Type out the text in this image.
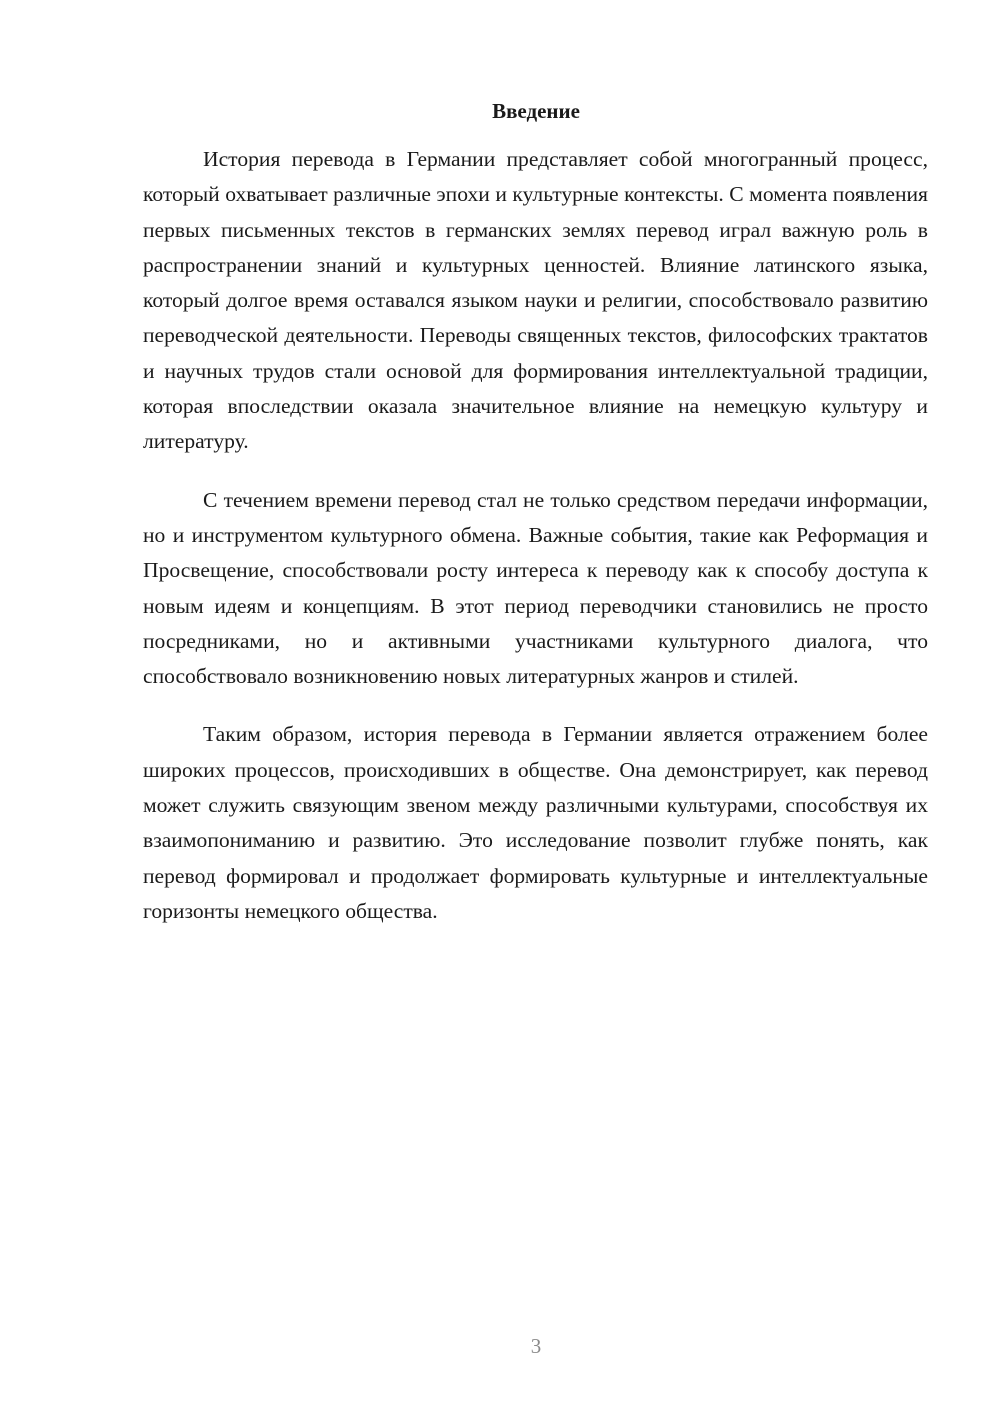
Введение

История перевода в Германии представляет собой многогранный процесс, который охватывает различные эпохи и культурные контексты. С момента появления первых письменных текстов в германских землях перевод играл важную роль в распространении знаний и культурных ценностей. Влияние латинского языка, который долгое время оставался языком науки и религии, способствовало развитию переводческой деятельности. Переводы священных текстов, философских трактатов и научных трудов стали основой для формирования интеллектуальной традиции, которая впоследствии оказала значительное влияние на немецкую культуру и литературу.

С течением времени перевод стал не только средством передачи информации, но и инструментом культурного обмена. Важные события, такие как Реформация и Просвещение, способствовали росту интереса к переводу как к способу доступа к новым идеям и концепциям. В этот период переводчики становились не просто посредниками, но и активными участниками культурного диалога, что способствовало возникновению новых литературных жанров и стилей.

Таким образом, история перевода в Германии является отражением более широких процессов, происходивших в обществе. Она демонстрирует, как перевод может служить связующим звеном между различными культурами, способствуя их взаимопониманию и развитию. Это исследование позволит глубже понять, как перевод формировал и продолжает формировать культурные и интеллектуальные горизонты немецкого общества.

3
